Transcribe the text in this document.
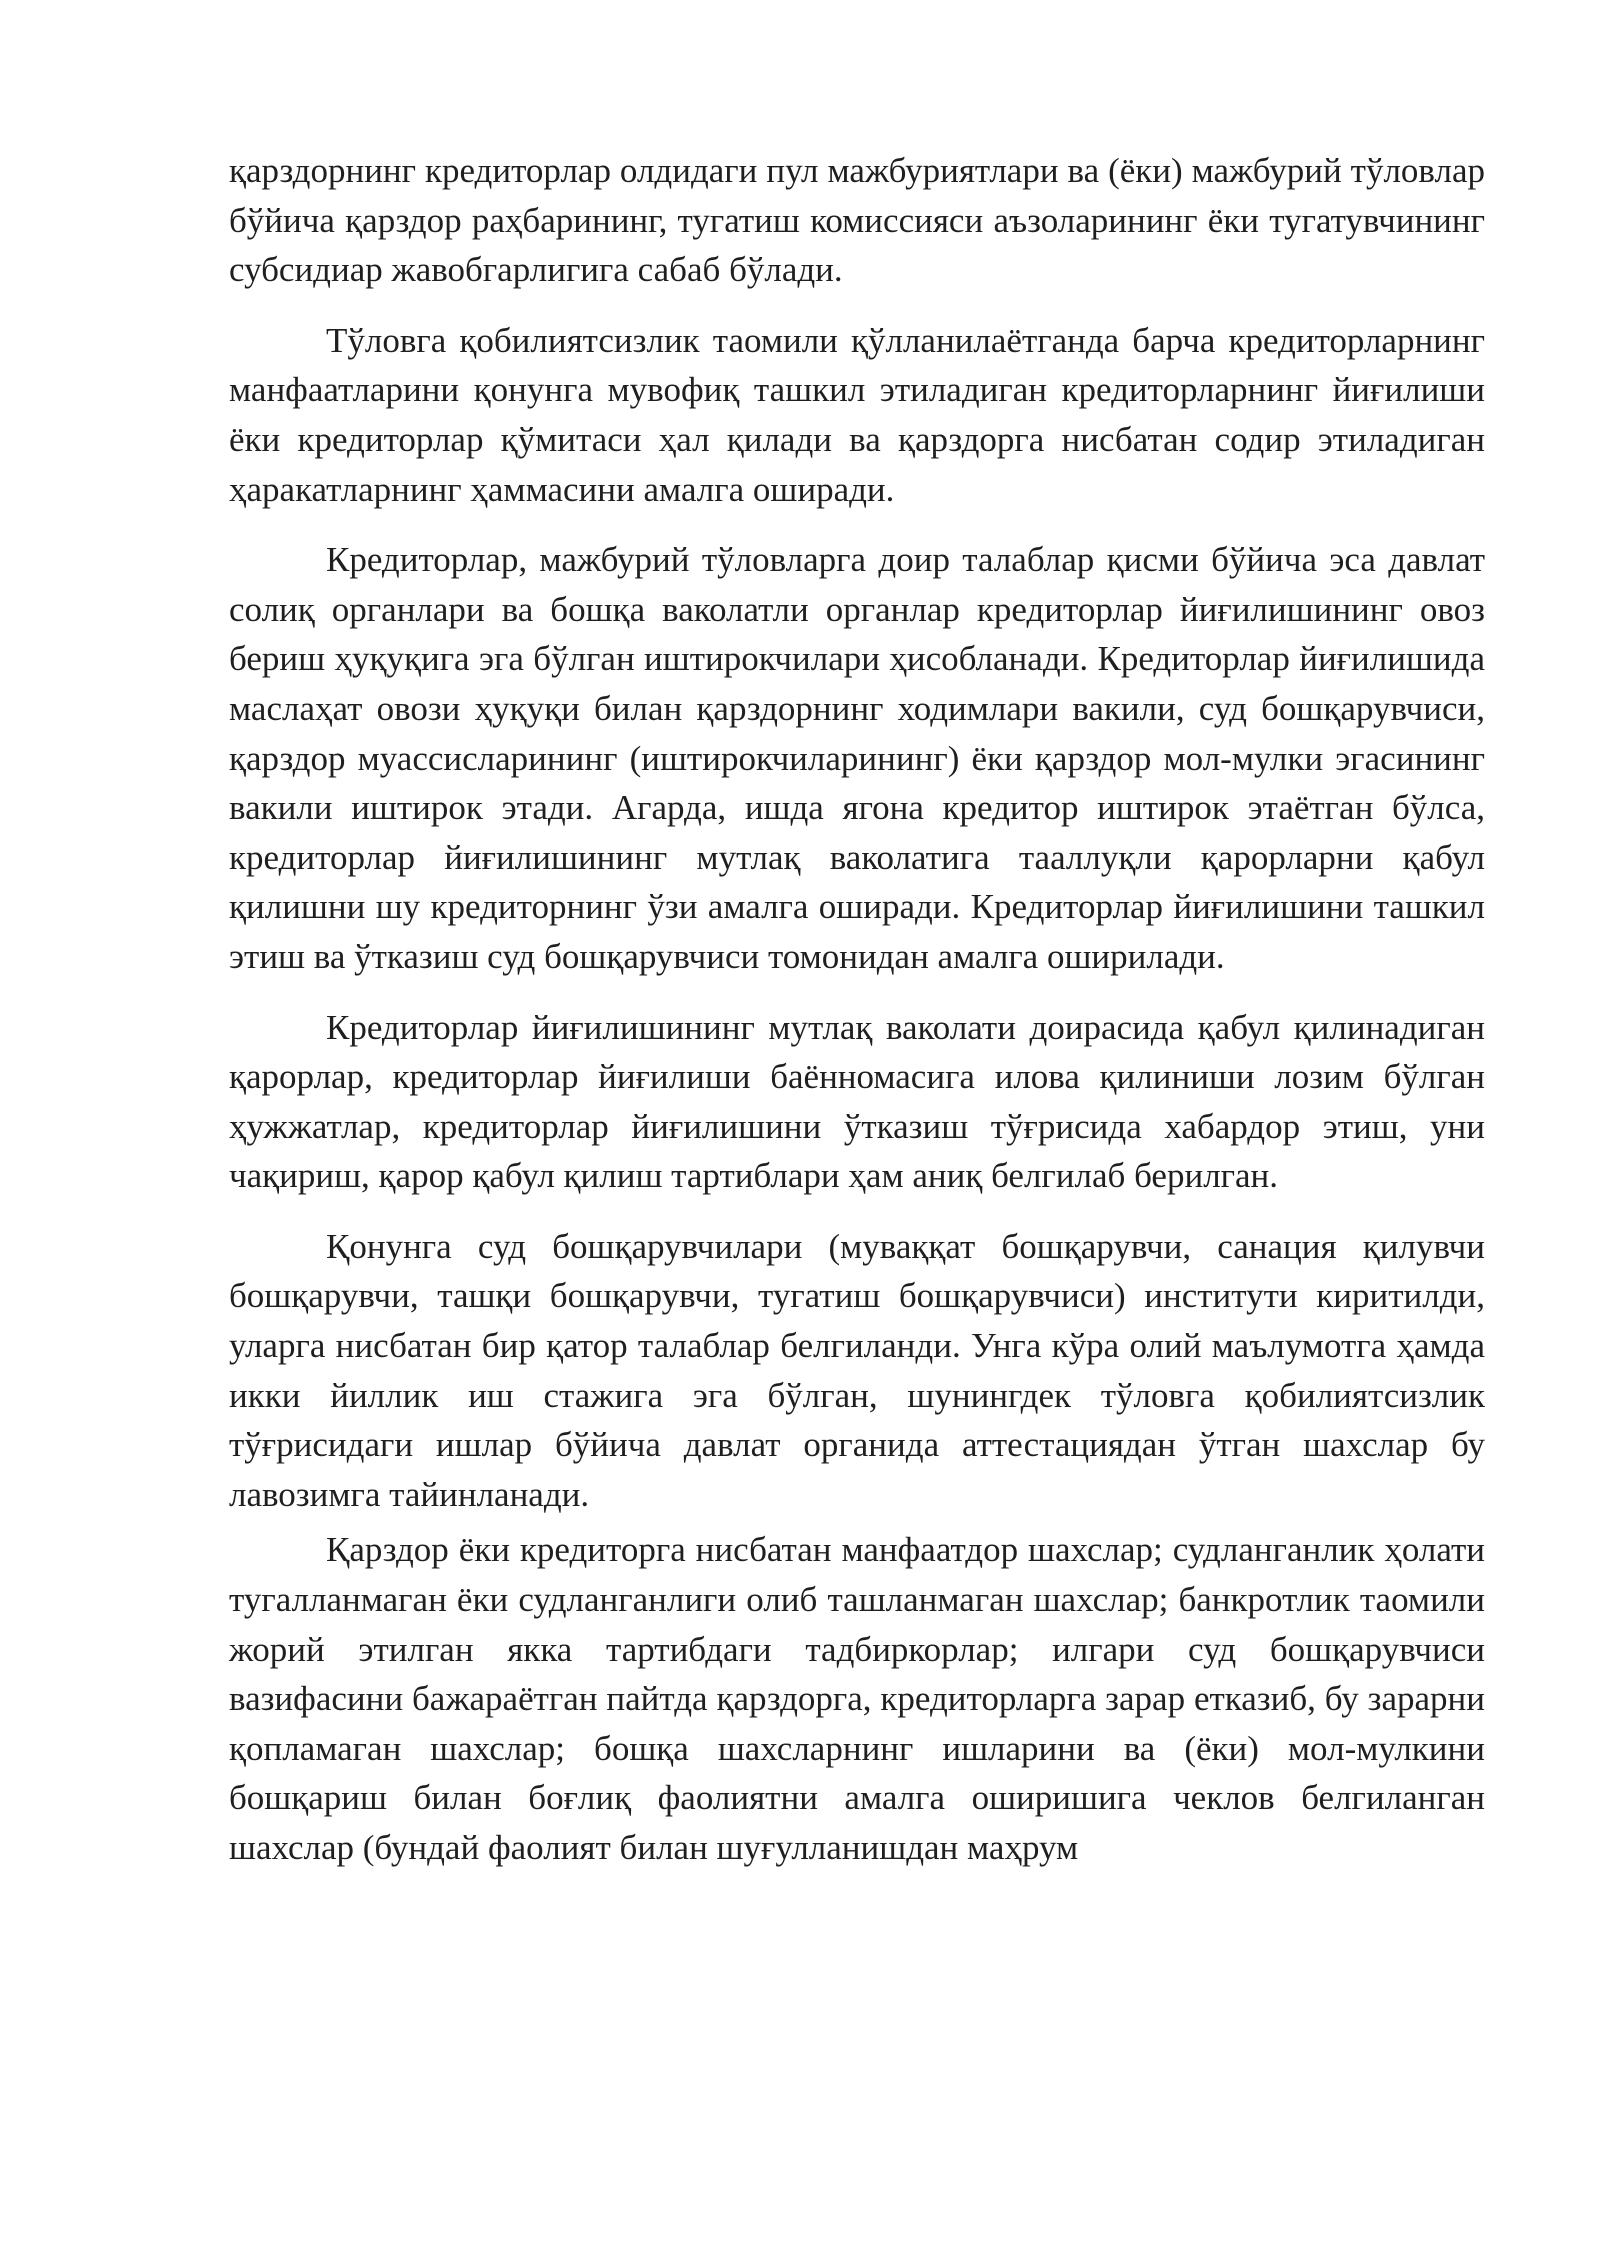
қарздорнинг кредиторлар олдидаги пул мажбуриятлари ва (ёки) мажбурий тўловлар бўйича қарздор раҳбарининг, тугатиш комиссияси аъзоларининг ёки тугатувчининг субсидиар жавобгарлигига сабаб бўлади.

Тўловга қобилиятсизлик таомили қўлланилаётганда барча кредиторларнинг манфаатларини қонунга мувофиқ ташкил этиладиган кредиторларнинг йиғилиши ёки кредиторлар қўмитаси ҳал қилади ва қарздорга нисбатан содир этиладиган ҳаракатларнинг ҳаммасини амалга оширади.

Кредиторлар, мажбурий тўловларга доир талаблар қисми бўйича эса давлат солиқ органлари ва бошқа ваколатли органлар кредиторлар йиғилишининг овоз бериш ҳуқуқига эга бўлган иштирокчилари ҳисобланади. Кредиторлар йиғилишида маслаҳат овози ҳуқуқи билан қарздорнинг ходимлари вакили, суд бошқарувчиси, қарздор муассисларининг (иштирокчиларининг) ёки қарздор мол-мулки эгасининг вакили иштирок этади. Агарда, ишда ягона кредитор иштирок этаётган бўлса, кредиторлар йиғилишининг мутлақ ваколатига тааллуқли қарорларни қабул қилишни шу кредиторнинг ўзи амалга оширади. Кредиторлар йиғилишини ташкил этиш ва ўтказиш суд бошқарувчиси томонидан амалга оширилади.

Кредиторлар йиғилишининг мутлақ ваколати доирасида қабул қилинадиган қарорлар, кредиторлар йиғилиши баённомасига илова қилиниши лозим бўлган ҳужжатлар, кредиторлар йиғилишини ўтказиш тўғрисида хабардор этиш, уни чақириш, қарор қабул қилиш тартиблари ҳам аниқ белгилаб берилган.

Қонунга суд бошқарувчилари (муваққат бошқарувчи, санация қилувчи бошқарувчи, ташқи бошқарувчи, тугатиш бошқарувчиси) институти киритилди, уларга нисбатан бир қатор талаблар белгиланди. Унга кўра олий маълумотга ҳамда икки йиллик иш стажига эга бўлган, шунингдек тўловга қобилиятсизлик тўғрисидаги ишлар бўйича давлат органида аттестациядан ўтган шахслар бу лавозимга тайинланади.

Қарздор ёки кредиторга нисбатан манфаатдор шахслар; судланганлик ҳолати тугалланмаган ёки судланганлиги олиб ташланмаган шахслар; банкротлик таомили жорий этилган якка тартибдаги тадбиркорлар; илгари суд бошқарувчиси вазифасини бажараётган пайтда қарздорга, кредиторларга зарар етказиб, бу зарарни қопламаган шахслар; бошқа шахсларнинг ишларини ва (ёки) мол-мулкини бошқариш билан боғлиқ фаолиятни амалга оширишига чеклов белгиланган шахслар (бундай фаолият билан шуғулланишдан маҳрум
